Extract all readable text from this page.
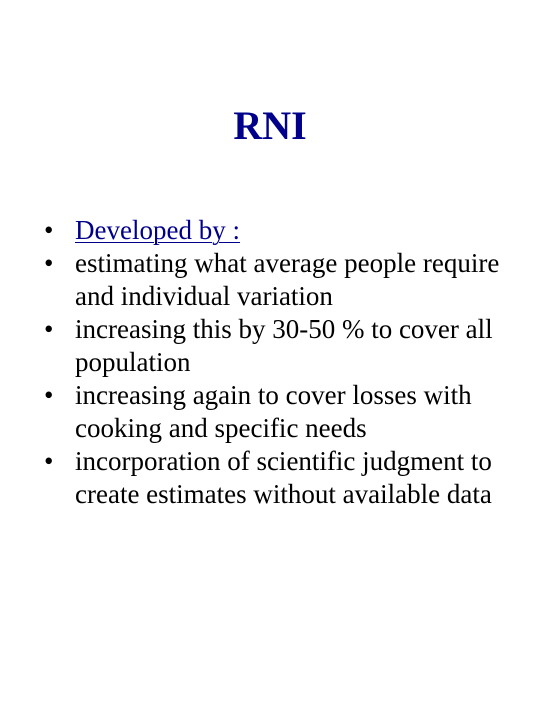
RNI
• Developed by :
• estimating what average people require and individual variation
• increasing this by 30-50 % to cover all population
• increasing again to cover losses with cooking and specific needs
• incorporation of scientific judgment to create estimates without available data
